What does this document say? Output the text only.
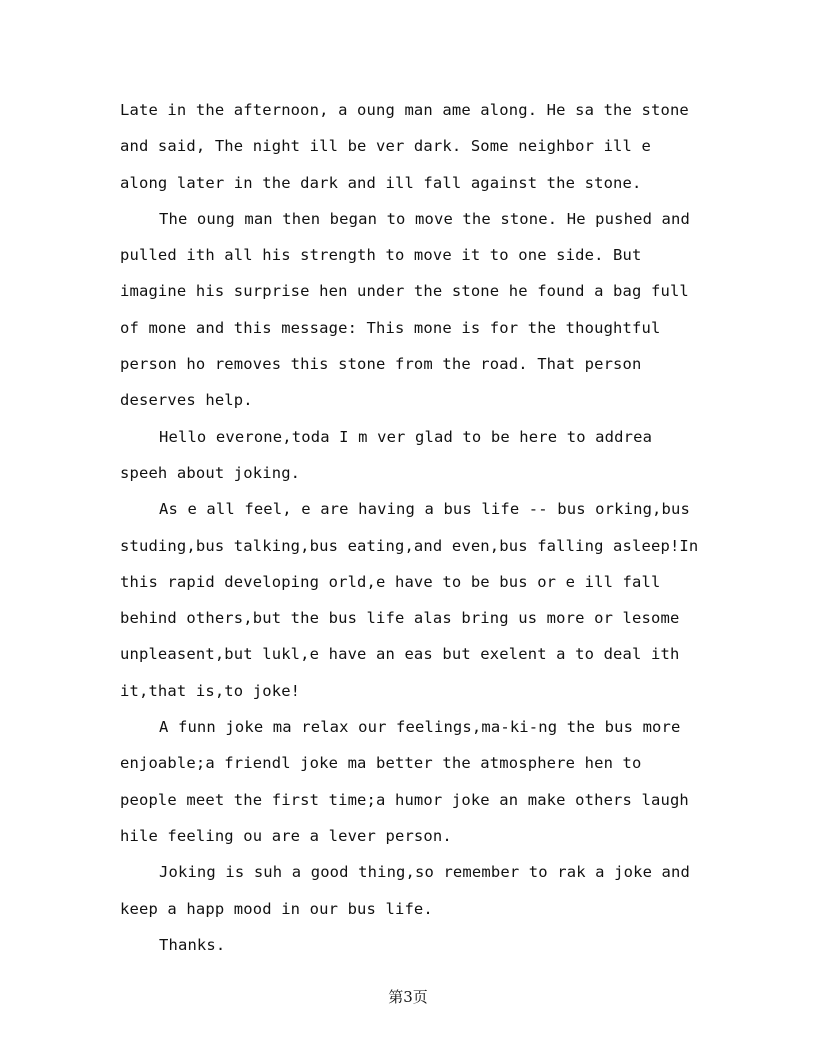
Late in the afternoon, a oung man ame along. He sa the stone
and said, The night ill be ver dark. Some neighbor ill e
along later in the dark and ill fall against the stone.
The oung man then began to move the stone. He pushed and
pulled ith all his strength to move it to one side. But
imagine his surprise hen under the stone he found a bag full
of mone and this message: This mone is for the thoughtful
person ho removes this stone from the road. That person
deserves help.
Hello everone,toda I m ver glad to be here to addrea
speeh about joking.
As e all feel, e are having a bus life -- bus orking,bus
studing,bus talking,bus eating,and even,bus falling asleep!In
this rapid developing orld,e have to be bus or e ill fall
behind others,but the bus life alas bring us more or lesome
unpleasent,but lukl,e have an eas but exelent a to deal ith
it,that is,to joke!
A funn joke ma relax our feelings,ma-ki-ng the bus more
enjoable;a friendl joke ma better the atmosphere hen to
people meet the first time;a humor joke an make others laugh
hile feeling ou are a lever person.
Joking is suh a good thing,so remember to rak a joke and
keep a happ mood in our bus life.
Thanks.
第3页
